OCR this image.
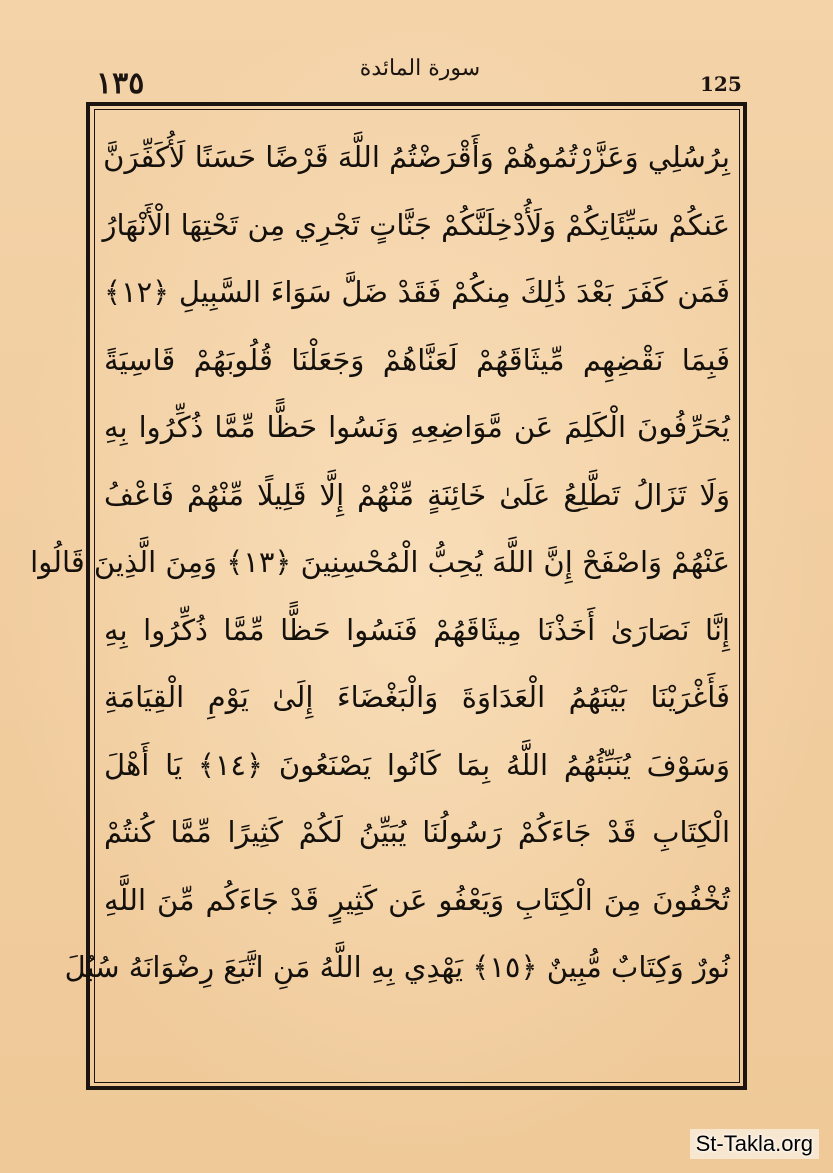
١٣٥	سورة المائدة
125
بِرُسُلِي وَعَزَّرْتُمُوهُمْ وَأَقْرَضْتُمُ اللَّهَ قَرْضًا حَسَنًا لَأُكَفِّرَنَّ
عَنكُمْ سَيِّئَاتِكُمْ وَلَأُدْخِلَنَّكُمْ جَنَّاتٍ تَجْرِي مِن تَحْتِهَا الْأَنْهَارُ
فَمَن كَفَرَ بَعْدَ ذَٰلِكَ مِنكُمْ فَقَدْ ضَلَّ سَوَاءَ السَّبِيلِ ﴿١٢﴾
فَبِمَا نَقْضِهِم مِّيثَاقَهُمْ لَعَنَّاهُمْ وَجَعَلْنَا قُلُوبَهُمْ قَاسِيَةً
يُحَرِّفُونَ الْكَلِمَ عَن مَّوَاضِعِهِ وَنَسُوا حَظًّا مِّمَّا ذُكِّرُوا بِهِ
وَلَا تَزَالُ تَطَّلِعُ عَلَىٰ خَائِنَةٍ مِّنْهُمْ إِلَّا قَلِيلًا مِّنْهُمْ فَاعْفُ
عَنْهُمْ وَاصْفَحْ إِنَّ اللَّهَ يُحِبُّ الْمُحْسِنِينَ ﴿١٣﴾ وَمِنَ الَّذِينَ قَالُوا
إِنَّا نَصَارَىٰ أَخَذْنَا مِيثَاقَهُمْ فَنَسُوا حَظًّا مِّمَّا ذُكِّرُوا بِهِ
فَأَغْرَيْنَا بَيْنَهُمُ الْعَدَاوَةَ وَالْبَغْضَاءَ إِلَىٰ يَوْمِ الْقِيَامَةِ
وَسَوْفَ يُنَبِّئُهُمُ اللَّهُ بِمَا كَانُوا يَصْنَعُونَ ﴿١٤﴾ يَا أَهْلَ
الْكِتَابِ قَدْ جَاءَكُمْ رَسُولُنَا يُبَيِّنُ لَكُمْ كَثِيرًا مِّمَّا كُنتُمْ
تُخْفُونَ مِنَ الْكِتَابِ وَيَعْفُو عَن كَثِيرٍ قَدْ جَاءَكُم مِّنَ اللَّهِ
نُورٌ وَكِتَابٌ مُّبِينٌ ﴿١٥﴾ يَهْدِي بِهِ اللَّهُ مَنِ اتَّبَعَ رِضْوَانَهُ سُبُلَ
St-Takla.org
